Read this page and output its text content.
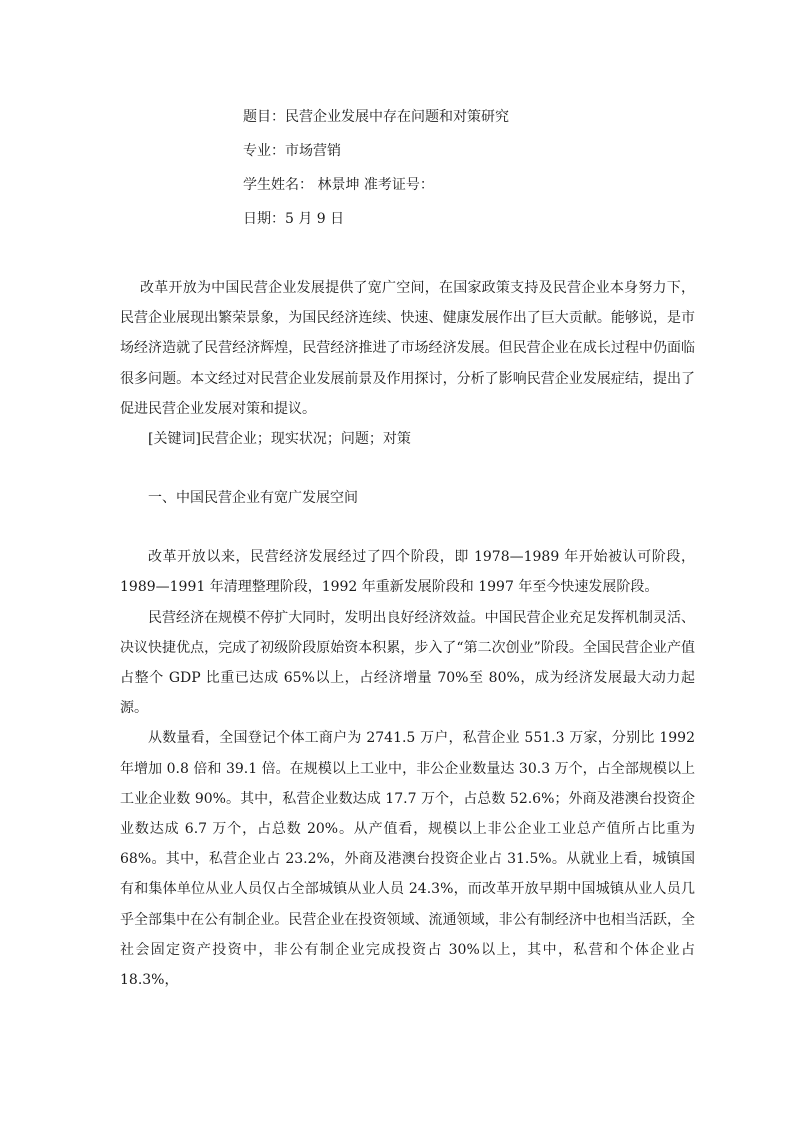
题目：民营企业发展中存在问题和对策研究
专业：市场营销
学生姓名： 林景坤 准考证号：
日期：5 月 9 日

改革开放为中国民营企业发展提供了宽广空间，在国家政策支持及民营企业本身努力下，民营企业展现出繁荣景象，为国民经济连续、快速、健康发展作出了巨大贡献。能够说，是市场经济造就了民营经济辉煌，民营经济推进了市场经济发展。但民营企业在成长过程中仍面临很多问题。本文经过对民营企业发展前景及作用探讨，分析了影响民营企业发展症结，提出了促进民营企业发展对策和提议。

[关键词]民营企业；现实状况；问题；对策

一、中国民营企业有宽广发展空间

改革开放以来，民营经济发展经过了四个阶段，即 1978—1989 年开始被认可阶段，1989—1991 年清理整理阶段，1992 年重新发展阶段和 1997 年至今快速发展阶段。

民营经济在规模不停扩大同时，发明出良好经济效益。中国民营企业充足发挥机制灵活、决议快捷优点，完成了初级阶段原始资本积累，步入了“第二次创业”阶段。全国民营企业产值占整个 GDP 比重已达成 65%以上，占经济增量 70%至 80%，成为经济发展最大动力起源。

从数量看，全国登记个体工商户为 2741.5 万户，私营企业 551.3 万家，分别比 1992 年增加 0.8 倍和 39.1 倍。在规模以上工业中，非公企业数量达 30.3 万个，占全部规模以上工业企业数 90%。其中，私营企业数达成 17.7 万个，占总数 52.6%；外商及港澳台投资企业数达成 6.7 万个，占总数 20%。从产值看，规模以上非公企业工业总产值所占比重为 68%。其中，私营企业占 23.2%，外商及港澳台投资企业占 31.5%。从就业上看，城镇国有和集体单位从业人员仅占全部城镇从业人员 24.3%，而改革开放早期中国城镇从业人员几乎全部集中在公有制企业。民营企业在投资领域、流通领域，非公有制经济中也相当活跃，全社会固定资产投资中，非公有制企业完成投资占 30%以上，其中，私营和个体企业占 18.3%，
